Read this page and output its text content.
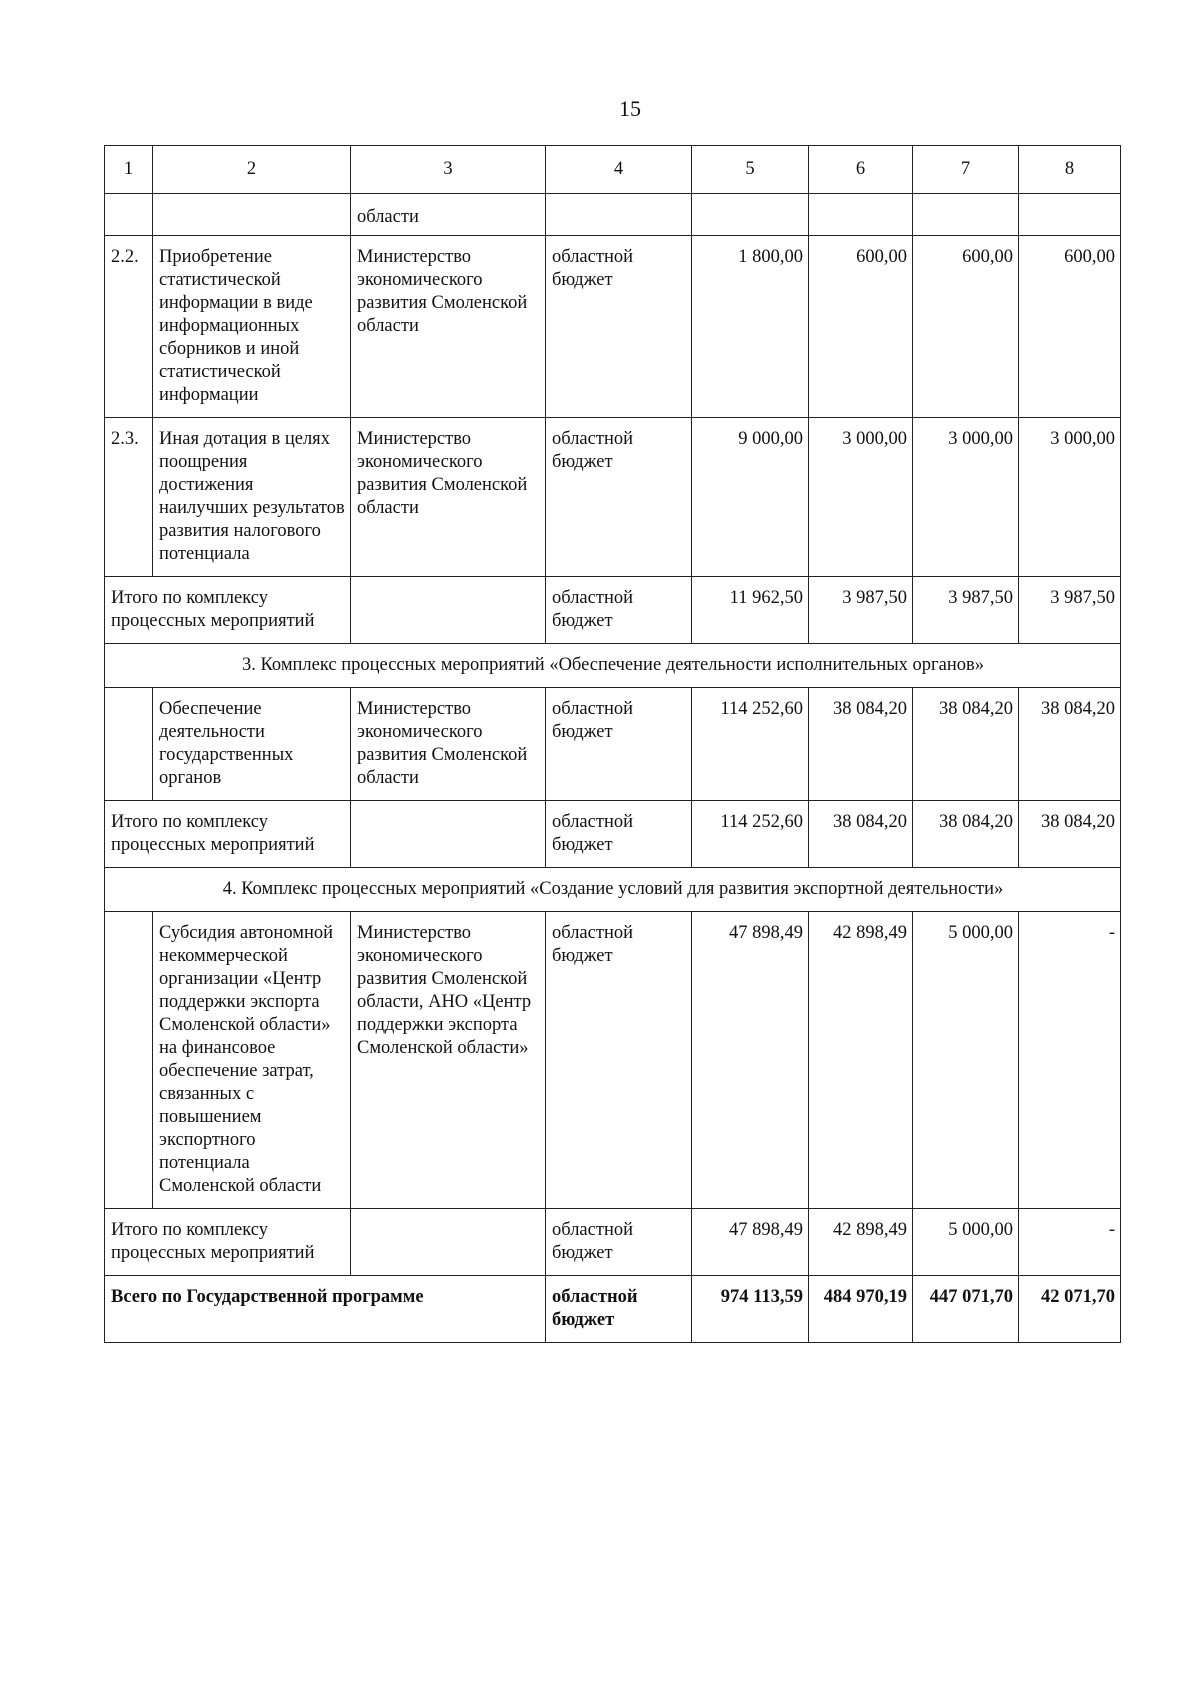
15
1	2	3	4	5	6	7	8
		области					
2.2.	Приобретение статистической информации в виде информационных сборников и иной статистической информации	Министерство экономического развития Смоленской области	областной бюджет	1 800,00	600,00	600,00	600,00
2.3.	Иная дотация в целях поощрения достижения наилучших результатов развития налогового потенциала	Министерство экономического развития Смоленской области	областной бюджет	9 000,00	3 000,00	3 000,00	3 000,00
Итого по комплексу процессных мероприятий			областной бюджет	11 962,50	3 987,50	3 987,50	3 987,50
3. Комплекс процессных мероприятий «Обеспечение деятельности исполнительных органов»							
	Обеспечение деятельности государственных органов	Министерство экономического развития Смоленской области	областной бюджет	114 252,60	38 084,20	38 084,20	38 084,20
Итого по комплексу процессных мероприятий			областной бюджет	114 252,60	38 084,20	38 084,20	38 084,20
4. Комплекс процессных мероприятий «Создание условий для развития экспортной деятельности»							
	Субсидия автономной некоммерческой организации «Центр поддержки экспорта Смоленской области» на финансовое обеспечение затрат, связанных с повышением экспортного потенциала Смоленской области	Министерство экономического развития Смоленской области, АНО «Центр поддержки экспорта Смоленской области»	областной бюджет	47 898,49	42 898,49	5 000,00	-
Итого по комплексу процессных мероприятий			областной бюджет	47 898,49	42 898,49	5 000,00	-
Всего по Государственной программе			областной бюджет	974 113,59	484 970,19	447 071,70	42 071,70
